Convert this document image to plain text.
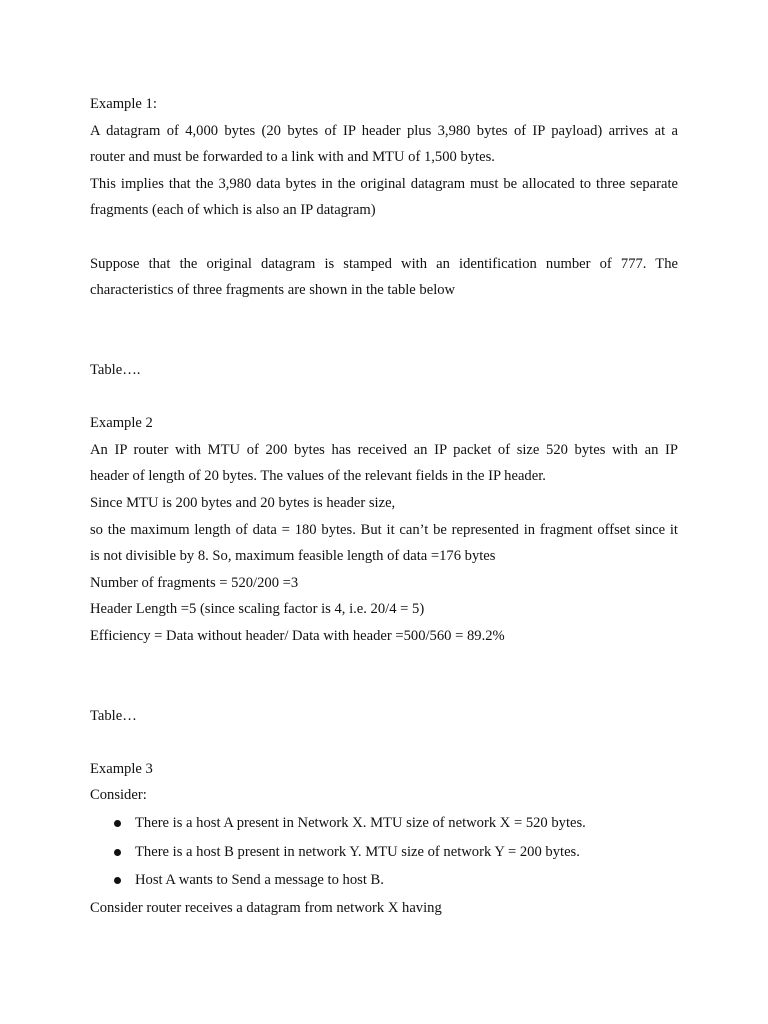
Example 1:
A datagram of 4,000 bytes (20 bytes of IP header plus 3,980 bytes of IP payload) arrives at a
router and must be forwarded to a link with and MTU of 1,500 bytes.
This implies that the 3,980 data bytes in the original datagram must be allocated to three separate
fragments (each of which is also an IP datagram)
Suppose that the original datagram is stamped with an identification number of 777. The
characteristics of three fragments are shown in the table below
Table….
Example 2
An IP router with MTU of 200 bytes has received an IP packet of size 520 bytes with an IP
header of length of 20 bytes. The values of the relevant fields in the IP header.
Since MTU is 200 bytes and 20 bytes is header size,
so the maximum length of data = 180 bytes. But it can’t be represented in fragment offset since it
is not divisible by 8. So, maximum feasible length of data =176 bytes
Number of fragments = 520/200 =3
Header Length =5 (since scaling factor is 4, i.e. 20/4 = 5)
Efficiency = Data without header/ Data with header =500/560 = 89.2%
Table…
Example 3
Consider:
There is a host A present in Network X. MTU size of network X = 520 bytes.
There is a host B present in network Y. MTU size of network Y = 200 bytes.
Host A wants to Send a message to host B.
Consider router receives a datagram from network X having
